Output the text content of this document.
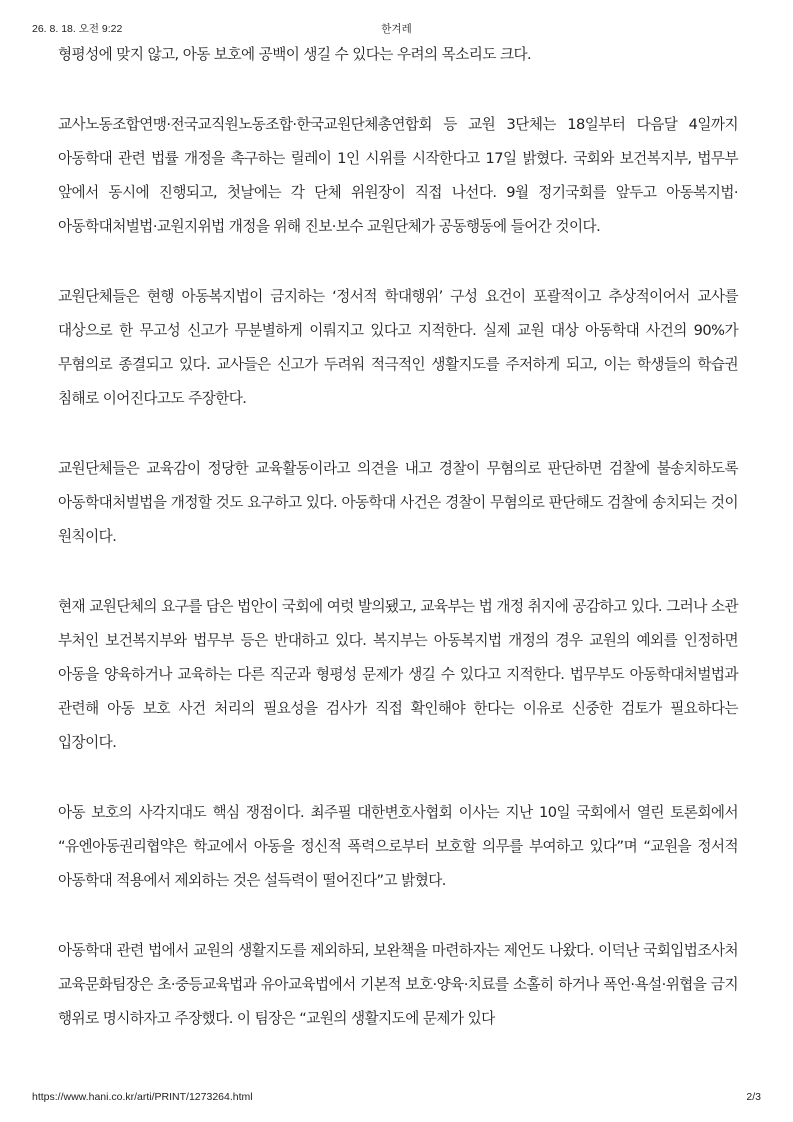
26. 8. 18. 오전 9:22	한겨레

형평성에 맞지 않고, 아동 보호에 공백이 생길 수 있다는 우려의 목소리도 크다.

교사노동조합연맹·전국교직원노동조합·한국교원단체총연합회 등 교원 3단체는 18일부터 다음달 4일까지 아동학대 관련 법률 개정을 촉구하는 릴레이 1인 시위를 시작한다고 17일 밝혔다. 국회와 보건복지부, 법무부 앞에서 동시에 진행되고, 첫날에는 각 단체 위원장이 직접 나선다. 9월 정기국회를 앞두고 아동복지법·아동학대처벌법·교원지위법 개정을 위해 진보·보수 교원단체가 공동행동에 들어간 것이다.

교원단체들은 현행 아동복지법이 금지하는 ‘정서적 학대행위’ 구성 요건이 포괄적이고 추상적이어서 교사를 대상으로 한 무고성 신고가 무분별하게 이뤄지고 있다고 지적한다. 실제 교원 대상 아동학대 사건의 90%가 무혐의로 종결되고 있다. 교사들은 신고가 두려워 적극적인 생활지도를 주저하게 되고, 이는 학생들의 학습권 침해로 이어진다고도 주장한다.

교원단체들은 교육감이 정당한 교육활동이라고 의견을 내고 경찰이 무혐의로 판단하면 검찰에 불송치하도록 아동학대처벌법을 개정할 것도 요구하고 있다. 아동학대 사건은 경찰이 무혐의로 판단해도 검찰에 송치되는 것이 원칙이다.

현재 교원단체의 요구를 담은 법안이 국회에 여럿 발의됐고, 교육부는 법 개정 취지에 공감하고 있다. 그러나 소관 부처인 보건복지부와 법무부 등은 반대하고 있다. 복지부는 아동복지법 개정의 경우 교원의 예외를 인정하면 아동을 양육하거나 교육하는 다른 직군과 형평성 문제가 생길 수 있다고 지적한다. 법무부도 아동학대처벌법과 관련해 아동 보호 사건 처리의 필요성을 검사가 직접 확인해야 한다는 이유로 신중한 검토가 필요하다는 입장이다.

아동 보호의 사각지대도 핵심 쟁점이다. 최주필 대한변호사협회 이사는 지난 10일 국회에서 열린 토론회에서 “유엔아동권리협약은 학교에서 아동을 정신적 폭력으로부터 보호할 의무를 부여하고 있다”며 “교원을 정서적 아동학대 적용에서 제외하는 것은 설득력이 떨어진다”고 밝혔다.

아동학대 관련 법에서 교원의 생활지도를 제외하되, 보완책을 마련하자는 제언도 나왔다. 이덕난 국회입법조사처 교육문화팀장은 초·중등교육법과 유아교육법에서 기본적 보호·양육·치료를 소홀히 하거나 폭언·욕설·위협을 금지 행위로 명시하자고 주장했다. 이 팀장은 “교원의 생활지도에 문제가 있다

https://www.hani.co.kr/arti/PRINT/1273264.html	2/3
